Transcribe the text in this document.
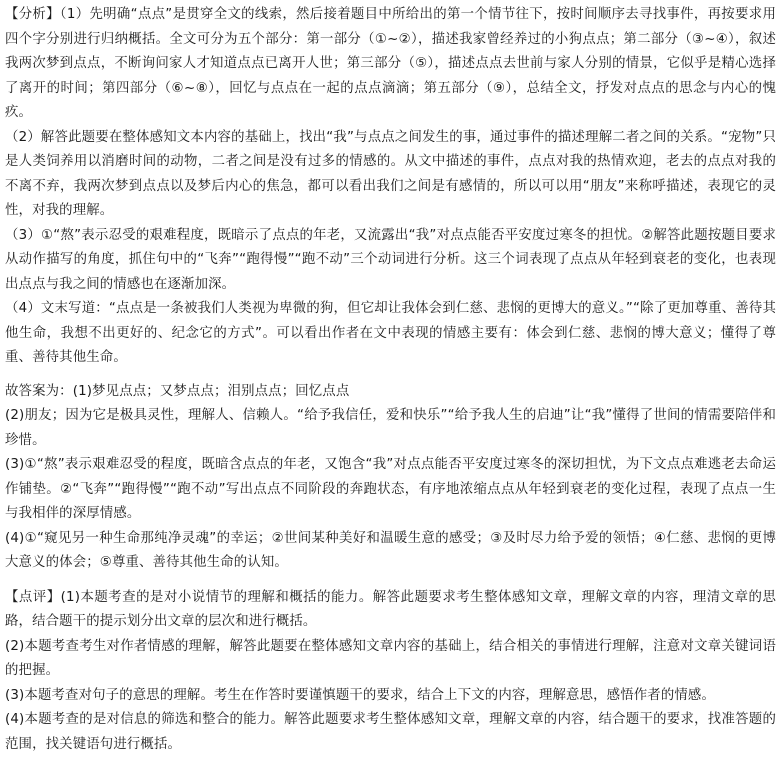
【分析】（1）先明确“点点”是贯穿全文的线索，然后接着题目中所给出的第一个情节往下，按时间顺序去寻找事件，再按要求用四个字分别进行归纳概括。全文可分为五个部分：第一部分（①~②），描述我家曾经养过的小狗点点；第二部分（③~④），叙述我两次梦到点点，不断询问家人才知道点点已离开人世；第三部分（⑤），描述点点去世前与家人分别的情景，它似乎是精心选择了离开的时间；第四部分（⑥~⑧），回忆与点点在一起的点点滴滴；第五部分（⑨），总结全文，抒发对点点的思念与内心的愧疚。

（2）解答此题要在整体感知文本内容的基础上，找出“我”与点点之间发生的事，通过事件的描述理解二者之间的关系。“宠物”只是人类饲养用以消磨时间的动物，二者之间是没有过多的情感的。从文中描述的事件，点点对我的热情欢迎，老去的点点对我的不离不弃，我两次梦到点点以及梦后内心的焦急，都可以看出我们之间是有感情的，所以可以用“朋友”来称呼描述，表现它的灵性，对我的理解。

（3）①“熬”表示忍受的艰难程度，既暗示了点点的年老，又流露出“我”对点点能否平安度过寒冬的担忧。②解答此题按题目要求从动作描写的角度，抓住句中的“飞奔”“跑得慢”“跑不动”三个动词进行分析。这三个词表现了点点从年轻到衰老的变化，也表现出点点与我之间的情感也在逐渐加深。

（4）文末写道：“点点是一条被我们人类视为卑微的狗，但它却让我体会到仁慈、悲悯的更博大的意义。”“除了更加尊重、善待其他生命，我想不出更好的、纪念它的方式”。可以看出作者在文中表现的情感主要有：体会到仁慈、悲悯的博大意义；懂得了尊重、善待其他生命。

故答案为：(1)梦见点点；又梦点点；泪别点点；回忆点点

(2)朋友；因为它是极具灵性，理解人、信赖人。“给予我信任，爱和快乐”“给予我人生的启迪”让“我”懂得了世间的情需要陪伴和珍惜。

(3)①“熬”表示艰难忍受的程度，既暗含点点的年老，又饱含“我”对点点能否平安度过寒冬的深切担忧，为下文点点难逃老去命运作铺垫。②“飞奔”“跑得慢”“跑不动”写出点点不同阶段的奔跑状态，有序地浓缩点点从年轻到衰老的变化过程，表现了点点一生与我相伴的深厚情感。

(4)①“窥见另一种生命那纯净灵魂”的幸运；②世间某种美好和温暖生意的感受；③及时尽力给予爱的领悟；④仁慈、悲悯的更博大意义的体会；⑤尊重、善待其他生命的认知。

【点评】(1)本题考查的是对小说情节的理解和概括的能力。解答此题要求考生整体感知文章，理解文章的内容，理清文章的思路，结合题干的提示划分出文章的层次和进行概括。

(2)本题考查考生对作者情感的理解，解答此题要在整体感知文章内容的基础上，结合相关的事情进行理解，注意对文章关键词语的把握。

(3)本题考查对句子的意思的理解。考生在作答时要谨慎题干的要求，结合上下文的内容，理解意思，感悟作者的情感。

(4)本题考查的是对信息的筛选和整合的能力。解答此题要求考生整体感知文章，理解文章的内容，结合题干的要求，找准答题的范围，找关键语句进行概括。
